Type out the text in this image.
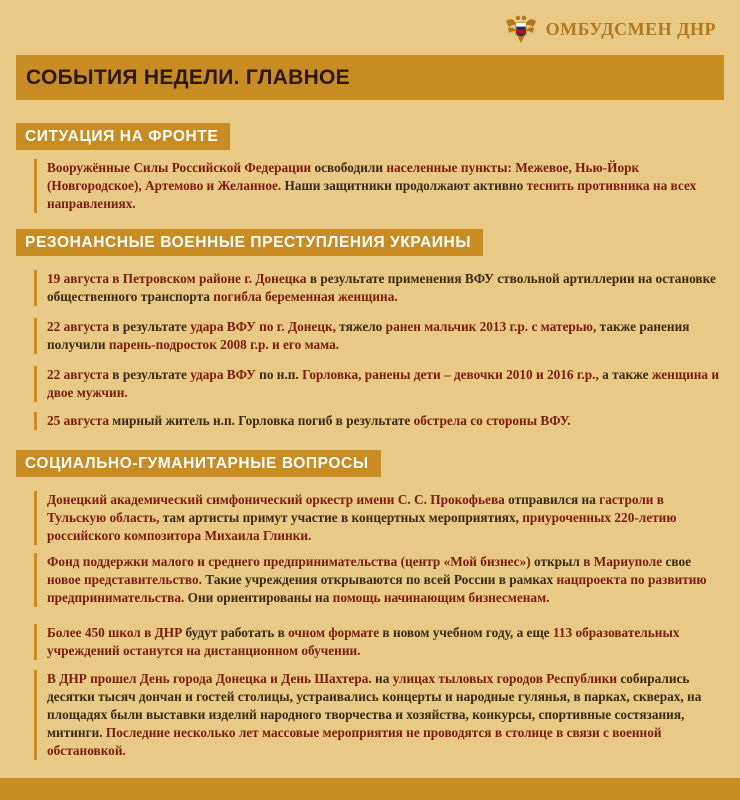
ОМБУДСМЕН ДНР
СОБЫТИЯ НЕДЕЛИ. ГЛАВНОЕ
СИТУАЦИЯ НА ФРОНТЕ
Вооружённые Силы Российской Федерации освободили населенные пункты: Межевое, Нью-Йорк (Новгородское), Артемово и Желанное. Наши защитники продолжают активно теснить противника на всех направлениях.
РЕЗОНАНСНЫЕ ВОЕННЫЕ ПРЕСТУПЛЕНИЯ УКРАИНЫ
19 августа в Петровском районе г. Донецка в результате применения ВФУ ствольной артиллерии на остановке общественного транспорта погибла беременная женщина.
22 августа в результате удара ВФУ по г. Донецк, тяжело ранен мальчик 2013 г.р. с матерью, также ранения получили парень-подросток 2008 г.р. и его мама.
22 августа в результате удара ВФУ по н.п. Горловка, ранены дети – девочки 2010 и 2016 г.р., а также женщина и двое мужчин.
25 августа мирный житель н.п. Горловка погиб в результате обстрела со стороны ВФУ.
СОЦИАЛЬНО-ГУМАНИТАРНЫЕ ВОПРОСЫ
Донецкий академический симфонический оркестр имени С. С. Прокофьева отправился на гастроли в Тульскую область, там артисты примут участие в концертных мероприятиях, приуроченных 220-летию российского композитора Михаила Глинки.
Фонд поддержки малого и среднего предпринимательства (центр «Мой бизнес») открыл в Мариуполе свое новое представительство. Такие учреждения открываются по всей России в рамках нацпроекта по развитию предпринимательства. Они ориентированы на помощь начинающим бизнесменам.
Более 450 школ в ДНР будут работать в очном формате в новом учебном году, а еще 113 образовательных учреждений останутся на дистанционном обучении.
В ДНР прошел День города Донецка и День Шахтера. на улицах тыловых городов Республики собирались десятки тысяч дончан и гостей столицы, устраивались концерты и народные гулянья, в парках, скверах, на площадях были выставки изделий народного творчества и хозяйства, конкурсы, спортивные состязания, митинги. Последние несколько лет массовые мероприятия не проводятся в столице в связи с военной обстановкой.
